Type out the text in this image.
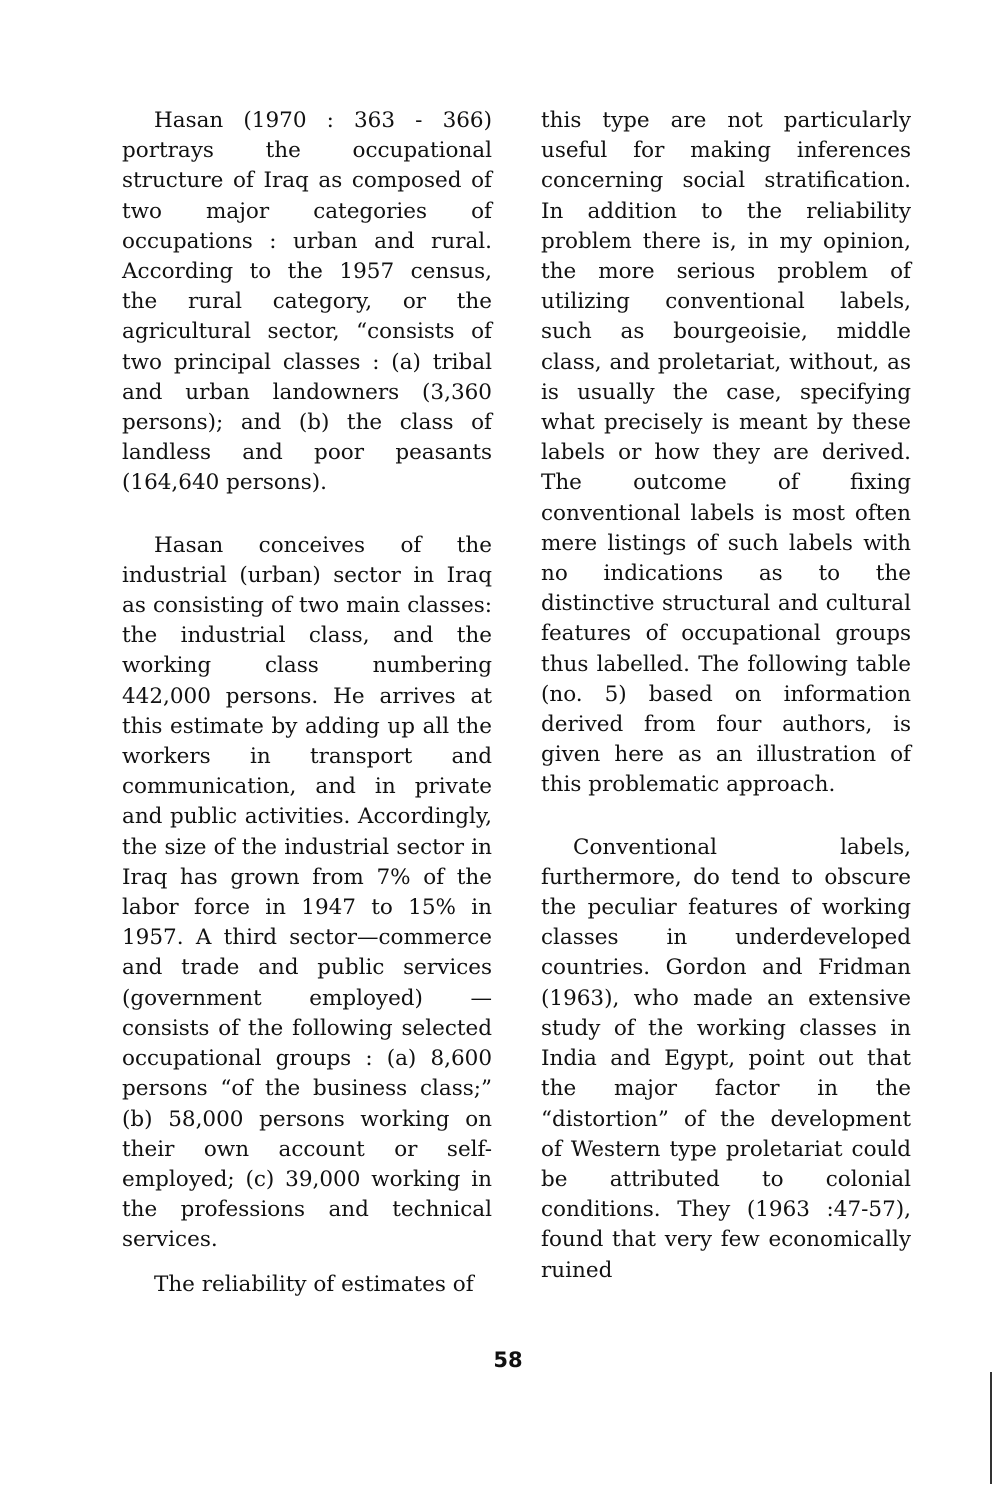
Hasan (1970 : 363 - 366) portrays the occupational structure of Iraq as composed of two major categories of occupations : urban and rural. According to the 1957 census, the rural category, or the agricultural sector, “consists of two principal classes : (a) tribal and urban landowners (3,360 persons); and (b) the class of landless and poor peasants (164,640 persons).

Hasan conceives of the industrial (urban) sector in Iraq as consisting of two main classes: the industrial class, and the working class numbering 442,000 persons. He arrives at this estimate by adding up all the workers in transport and communication, and in private and public activities. Accordingly, the size of the industrial sector in Iraq has grown from 7% of the labor force in 1947 to 15% in 1957. A third sector—commerce and trade and public services (government employed) — consists of the following selected occupational groups : (a) 8,600 persons “of the business class;” (b) 58,000 persons working on their own account or self-employed; (c) 39,000 working in the professions and technical services.

The reliability of estimates of

this type are not particularly useful for making inferences concerning social stratification. In addition to the reliability problem there is, in my opinion, the more serious problem of utilizing conventional labels, such as bourgeoisie, middle class, and proletariat, without, as is usually the case, specifying what precisely is meant by these labels or how they are derived. The outcome of fixing conventional labels is most often mere listings of such labels with no indications as to the distinctive structural and cultural features of occupational groups thus labelled. The following table (no. 5) based on information derived from four authors, is given here as an illustration of this problematic approach.

Conventional labels, furthermore, do tend to obscure the peculiar features of working classes in underdeveloped countries. Gordon and Fridman (1963), who made an extensive study of the working classes in India and Egypt, point out that the major factor in the “distortion” of the development of Western type proletariat could be attributed to colonial conditions. They (1963 :47-57), found that very few economically ruined

58
